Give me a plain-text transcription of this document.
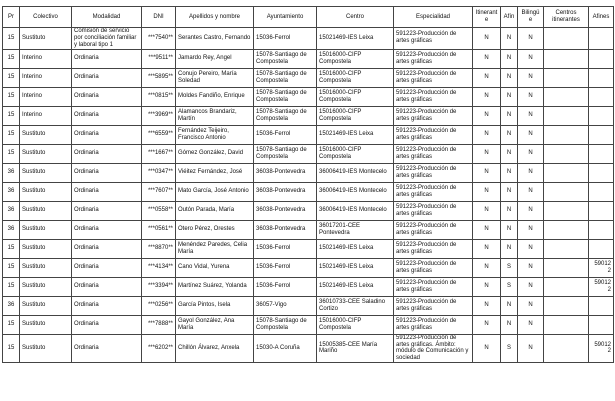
Pr	Colectivo	Modalidad	DNI	Apellidos y nombre	Ayuntamiento	Centro	Especialidad	Itinerante	Afín	Bilingüe	Centros itinerantes	Afines
15	Sustituto	Comisión de servicio por conciliación familiar y laboral tipo 1	***7540**	Serantes Castro, Fernando	15036-Ferrol	15021469-IES Leixa	591223-Producción de artes gráficas	N	N	N		
15	Interino	Ordinaria	***9511**	Jamardo Rey, Angel	15078-Santiago de Compostela	15016000-CIFP Compostela	591223-Producción de artes gráficas	N	N	N		
15	Interino	Ordinaria	***5895**	Conujo Pereiro, María Soledad	15078-Santiago de Compostela	15016000-CIFP Compostela	591223-Producción de artes gráficas	N	N	N		
15	Interino	Ordinaria	***0815**	Moldes Fandiño, Enrique	15078-Santiago de Compostela	15016000-CIFP Compostela	591223-Producción de artes gráficas	N	N	N		
15	Interino	Ordinaria	***3969**	Alamancos Brandariz, Martín	15078-Santiago de Compostela	15016000-CIFP Compostela	591223-Producción de artes gráficas	N	N	N		
15	Sustituto	Ordinaria	***6559**	Fernández Teijeiro, Francisco Antonio	15036-Ferrol	15021469-IES Leixa	591223-Producción de artes gráficas	N	N	N		
15	Sustituto	Ordinaria	***1667**	Gómez González, David	15078-Santiago de Compostela	15016000-CIFP Compostela	591223-Producción de artes gráficas	N	N	N		
36	Sustituto	Ordinaria	***0347**	Viéitez Fernández, José	36038-Pontevedra	36006419-IES Montecelo	591223-Producción de artes gráficas	N	N	N		
36	Sustituto	Ordinaria	***7607**	Mato García, José Antonio	36038-Pontevedra	36006419-IES Montecelo	591223-Producción de artes gráficas	N	N	N		
36	Sustituto	Ordinaria	***0558**	Outón Parada, María	36038-Pontevedra	36006419-IES Montecelo	591223-Producción de artes gráficas	N	N	N		
36	Sustituto	Ordinaria	***0561**	Otero Pérez, Orestes	36038-Pontevedra	36017201-CEE Pontevedra	591223-Producción de artes gráficas	N	N	N		
15	Sustituto	Ordinaria	***8870**	Menéndez Paredes, Celia María	15036-Ferrol	15021469-IES Leixa	591223-Producción de artes gráficas	N	N	N		
15	Sustituto	Ordinaria	***4134**	Cano Vidal, Yurena	15036-Ferrol	15021469-IES Leixa	591223-Producción de artes gráficas	N	S	N		590122
15	Sustituto	Ordinaria	***3394**	Martínez Suárez, Yolanda	15036-Ferrol	15021469-IES Leixa	591223-Producción de artes gráficas	N	S	N		590122
36	Sustituto	Ordinaria	***0256**	García Pintos, Isela	36057-Vigo	36010733-CEE Saladino Cortizo	591223-Producción de artes gráficas	N	N	N		
15	Sustituto	Ordinaria	***7888**	Gayol González, Ana María	15078-Santiago de Compostela	15016000-CIFP Compostela	591223-Producción de artes gráficas	N	N	N		
15	Sustituto	Ordinaria	***6202**	Chillón Álvarez, Anxela	15030-A Coruña	15005385-CEE María Mariño	591223-Producción de artes gráficas. Ámbito: módulo de Comunicación y sociedad	N	S	N		590122
